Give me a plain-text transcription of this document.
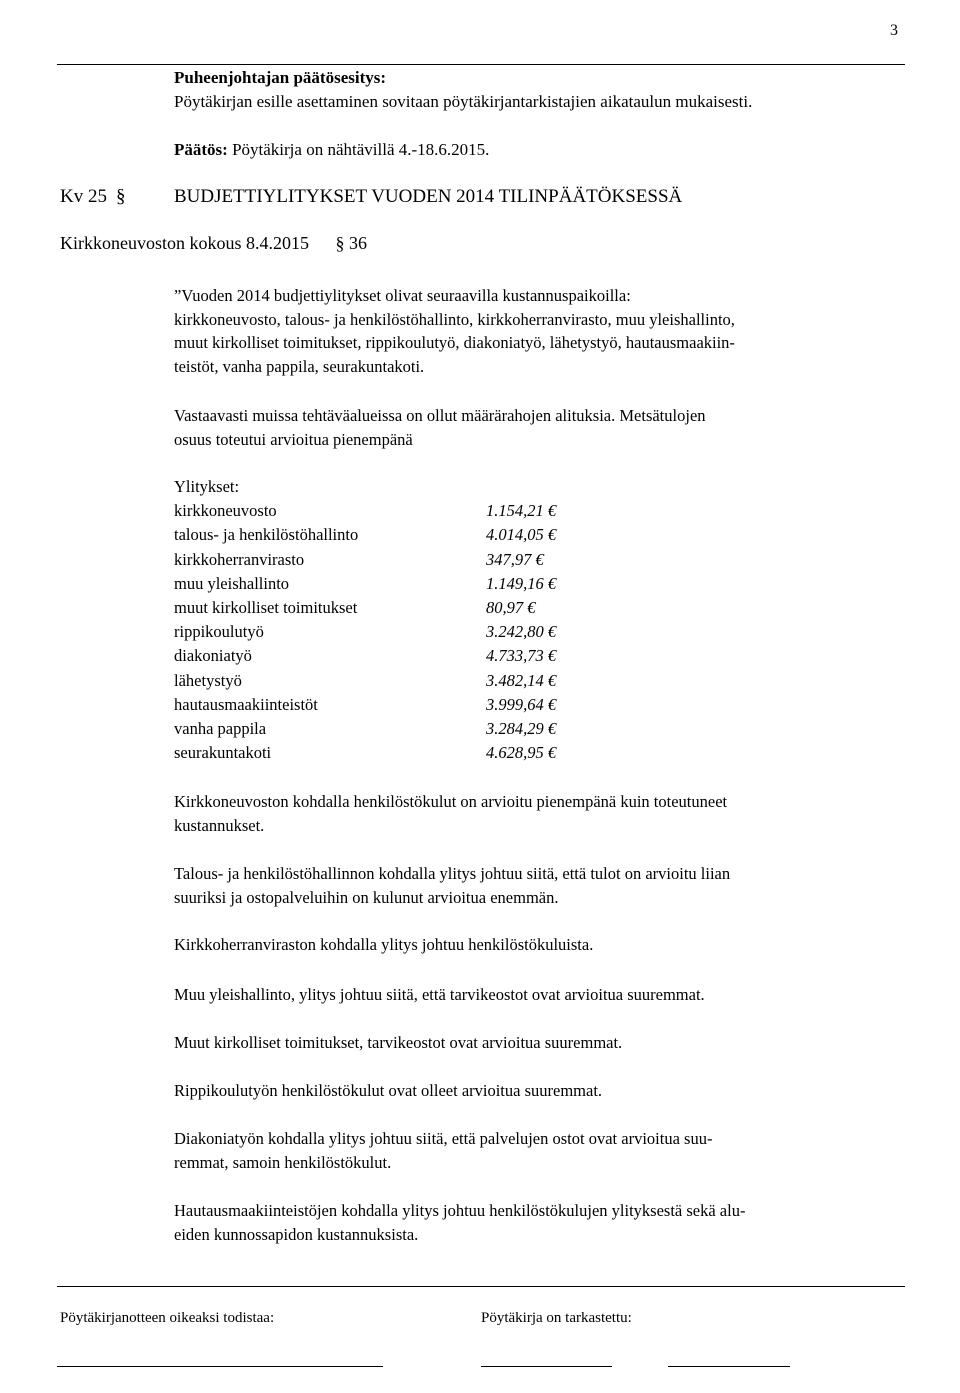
3
Puheenjohtajan päätösesitys:
Pöytäkirjan esille asettaminen sovitaan pöytäkirjantarkistajien aikataulun mukaisesti.
Päätös: Pöytäkirja on nähtävillä 4.-18.6.2015.
Kv 25 §	BUDJETTIYLITYKSET VUODEN 2014 TILINPÄÄTÖKSESSÄ
Kirkkoneuvoston kokous 8.4.2015 § 36
”Vuoden 2014 budjettiylitykset olivat seuraavilla kustannuspaikoilla:
kirkkoneuvosto, talous- ja henkilöstöhallinto, kirkkoherranvirasto, muu yleishallinto,
muut kirkolliset toimitukset, rippikoulutyö, diakoniatyö, lähetystyö, hautausmaakiin-
teistöt, vanha pappila, seurakuntakoti.
Vastaavasti muissa tehtäväalueissa on ollut määrärahojen alituksia. Metsätulojen
osuus toteutui arvioitua pienempänä
Ylitykset:
kirkkoneuvosto	1.154,21 €
talous- ja henkilöstöhallinto	4.014,05 €
kirkkoherranvirasto	347,97 €
muu yleishallinto	1.149,16 €
muut kirkolliset toimitukset	80,97 €
rippikoulutyö	3.242,80 €
diakoniatyö	4.733,73 €
lähetystyö	3.482,14 €
hautausmaakiinteistöt	3.999,64 €
vanha pappila	3.284,29 €
seurakuntakoti	4.628,95 €
Kirkkoneuvoston kohdalla henkilöstökulut on arvioitu pienempänä kuin toteutuneet
kustannukset.
Talous- ja henkilöstöhallinnon kohdalla ylitys johtuu siitä, että tulot on arvioitu liian
suuriksi ja ostopalveluihin on kulunut arvioitua enemmän.
Kirkkoherranviraston kohdalla ylitys johtuu henkilöstökuluista.
Muu yleishallinto, ylitys johtuu siitä, että tarvikeostot ovat arvioitua suuremmat.
Muut kirkolliset toimitukset, tarvikeostot ovat arvioitua suuremmat.
Rippikoulutyön henkilöstökulut ovat olleet arvioitua suuremmat.
Diakoniatyön kohdalla ylitys johtuu siitä, että palvelujen ostot ovat arvioitua suu-
remmat, samoin henkilöstökulut.
Hautausmaakiinteistöjen kohdalla ylitys johtuu henkilöstökulujen ylityksestä sekä alu-
eiden kunnossapidon kustannuksista.
Pöytäkirjanotteen oikeaksi todistaa:	Pöytäkirja on tarkastettu:
